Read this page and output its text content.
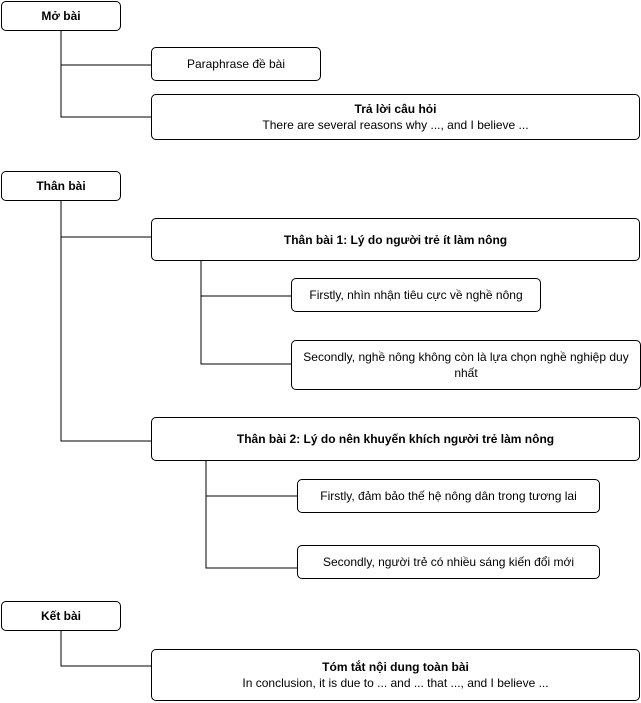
Mở bài
Paraphrase đề bài
Trả lời câu hỏi
There are several reasons why ..., and I believe ...
Thân bài
Thân bài 1: Lý do người trẻ ít làm nông
Firstly, nhìn nhận tiêu cực về nghề nông
Secondly, nghề nông không còn là lựa chọn nghề nghiệp duy nhất
Thân bài 2: Lý do nên khuyến khích người trẻ làm nông
Firstly, đảm bảo thế hệ nông dân trong tương lai
Secondly, người trẻ có nhiều sáng kiến đổi mới
Kết bài
Tóm tắt nội dung toàn bài
In conclusion, it is due to ... and ... that ..., and I believe ...
